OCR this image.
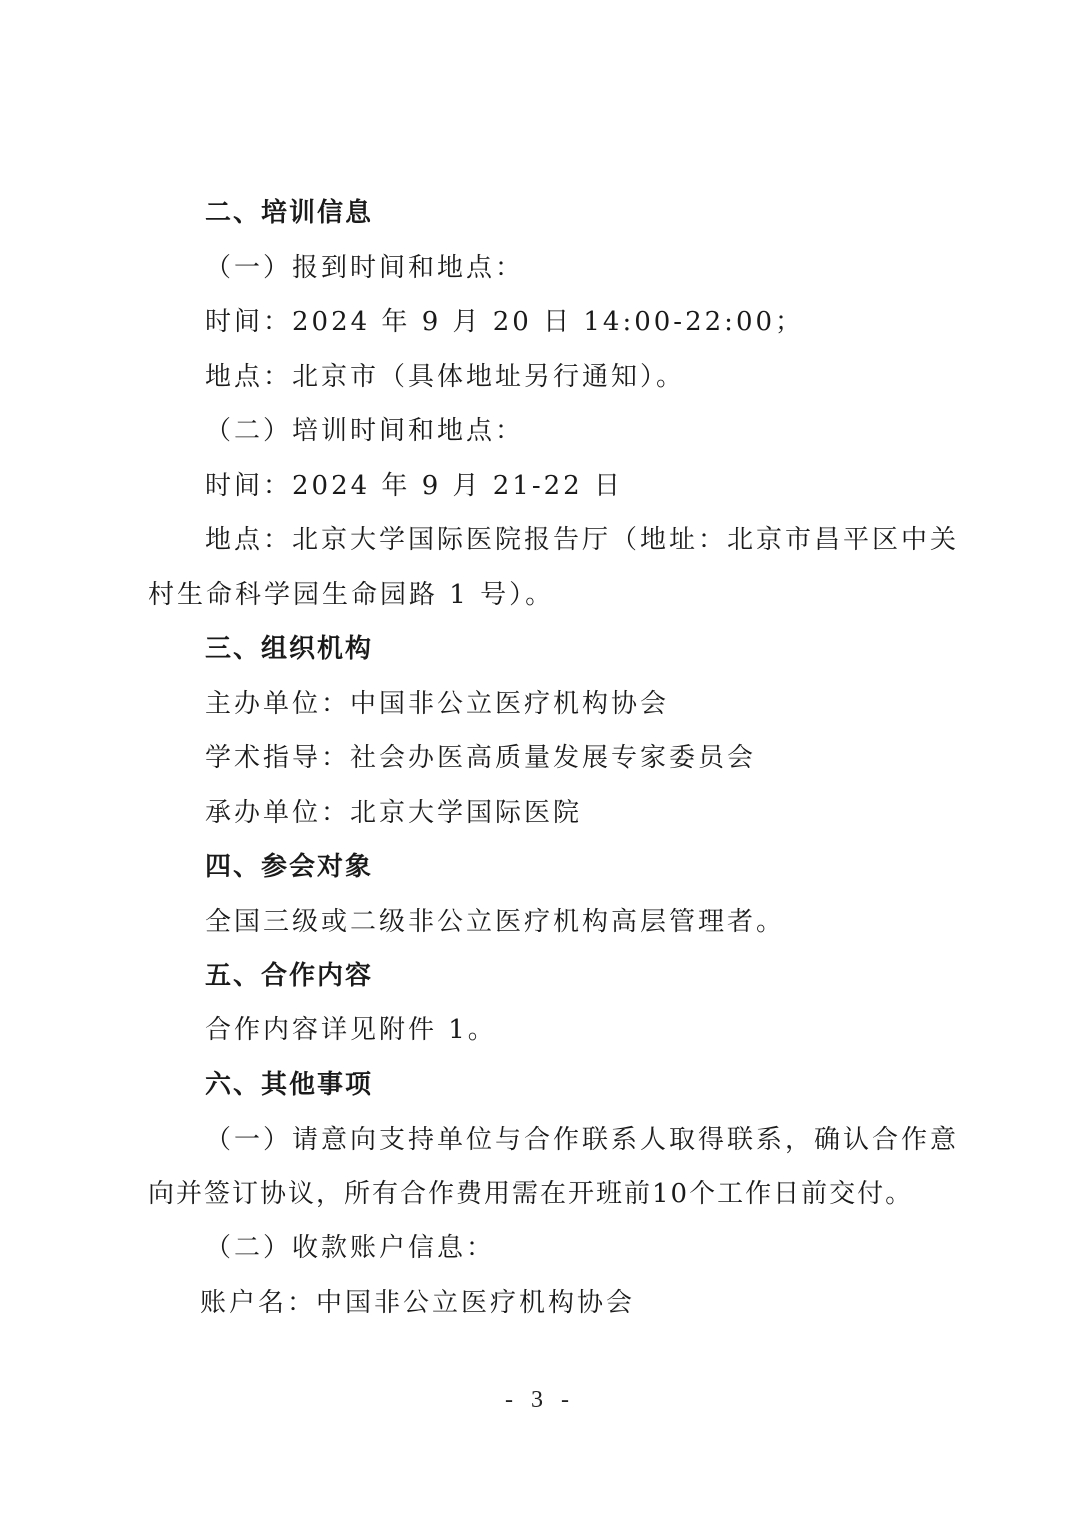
二、培训信息
（一）报到时间和地点：
时间：2024 年 9 月 20 日 14:00-22:00；
地点：北京市（具体地址另行通知）。
（二）培训时间和地点：
时间：2024 年 9 月 21-22 日
地点：北京大学国际医院报告厅（地址：北京市昌平区中关
村生命科学园生命园路 1 号）。
三、组织机构
主办单位：中国非公立医疗机构协会
学术指导：社会办医高质量发展专家委员会
承办单位：北京大学国际医院
四、参会对象
全国三级或二级非公立医疗机构高层管理者。
五、合作内容
合作内容详见附件 1。
六、其他事项
（一）请意向支持单位与合作联系人取得联系，确认合作意
向并签订协议，所有合作费用需在开班前10个工作日前交付。
（二）收款账户信息：
账户名：中国非公立医疗机构协会
- 3 -
